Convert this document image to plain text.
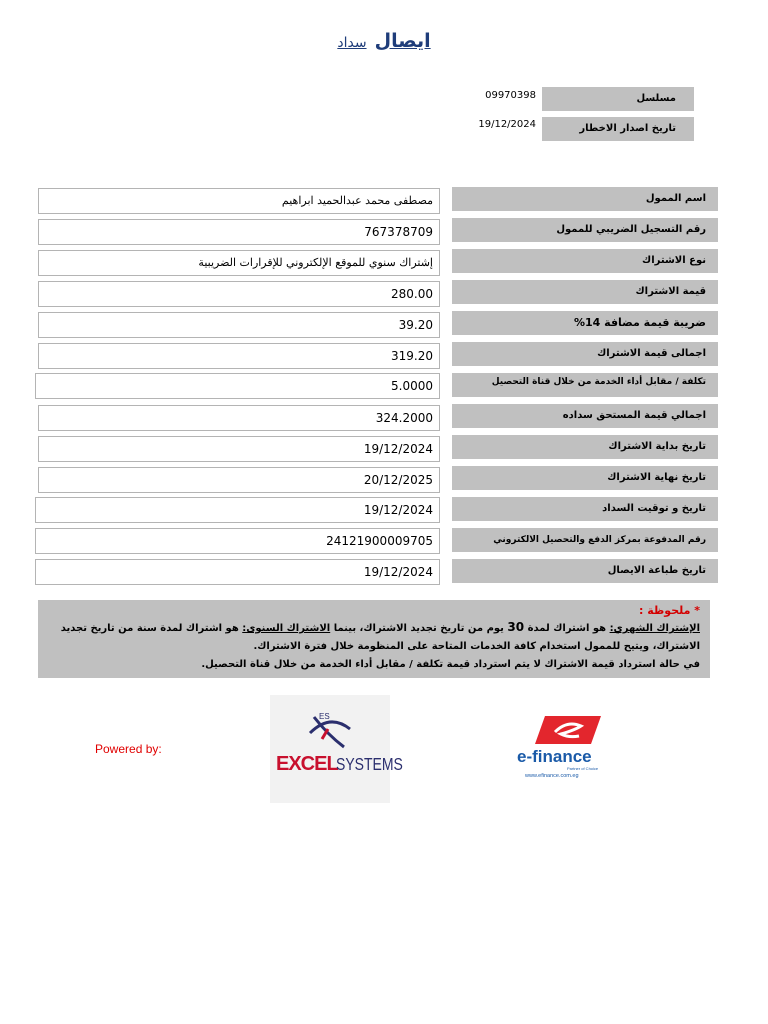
ايصال سداد
مسلسل
09970398
تاريخ اصدار الاخطار
19/12/2024
اسم الممول
مصطفى محمد عبدالحميد ابراهيم
رقم التسجيل الضريبي للممول
767378709
نوع الاشتراك
إشتراك سنوي للموقع الإلكتروني للإقرارات الضريبية
قيمة الاشتراك
280.00
ضريبة قيمة مضافة 14%
39.20
اجمالى قيمة الاشتراك
319.20
تكلفة / مقابل أداء الخدمة من خلال قناة التحصيل
5.0000
اجمالي قيمة المستحق سداده
324.2000
تاريخ بداية الاشتراك
19/12/2024
تاريخ نهاية الاشتراك
20/12/2025
تاريخ و توقيت السداد
19/12/2024
رقم المدفوعة بمركز الدفع والتحصيل الالكتروني
24121900009705
تاريخ طباعة الايصال
19/12/2024
* ملحوظة :
الإشتراك الشهري: هو اشتراك لمدة 30 يوم من تاريخ تجديد الاشتراك، بينما الاشتراك السنوى: هو اشتراك لمدة سنة من تاريخ تجديد
الاشتراك، ويتيح للممول استخدام كافة الخدمات المتاحة على المنظومة خلال فترة الاشتراك.
في حالة استرداد قيمة الاشتراك لا يتم استرداد قيمة تكلفة / مقابل أداء الخدمة من خلال قناة التحصيل.
Powered by:
ES
EXCEL
SYSTEMS	e-finance
Partner of Choice
www.efinance.com.eg
